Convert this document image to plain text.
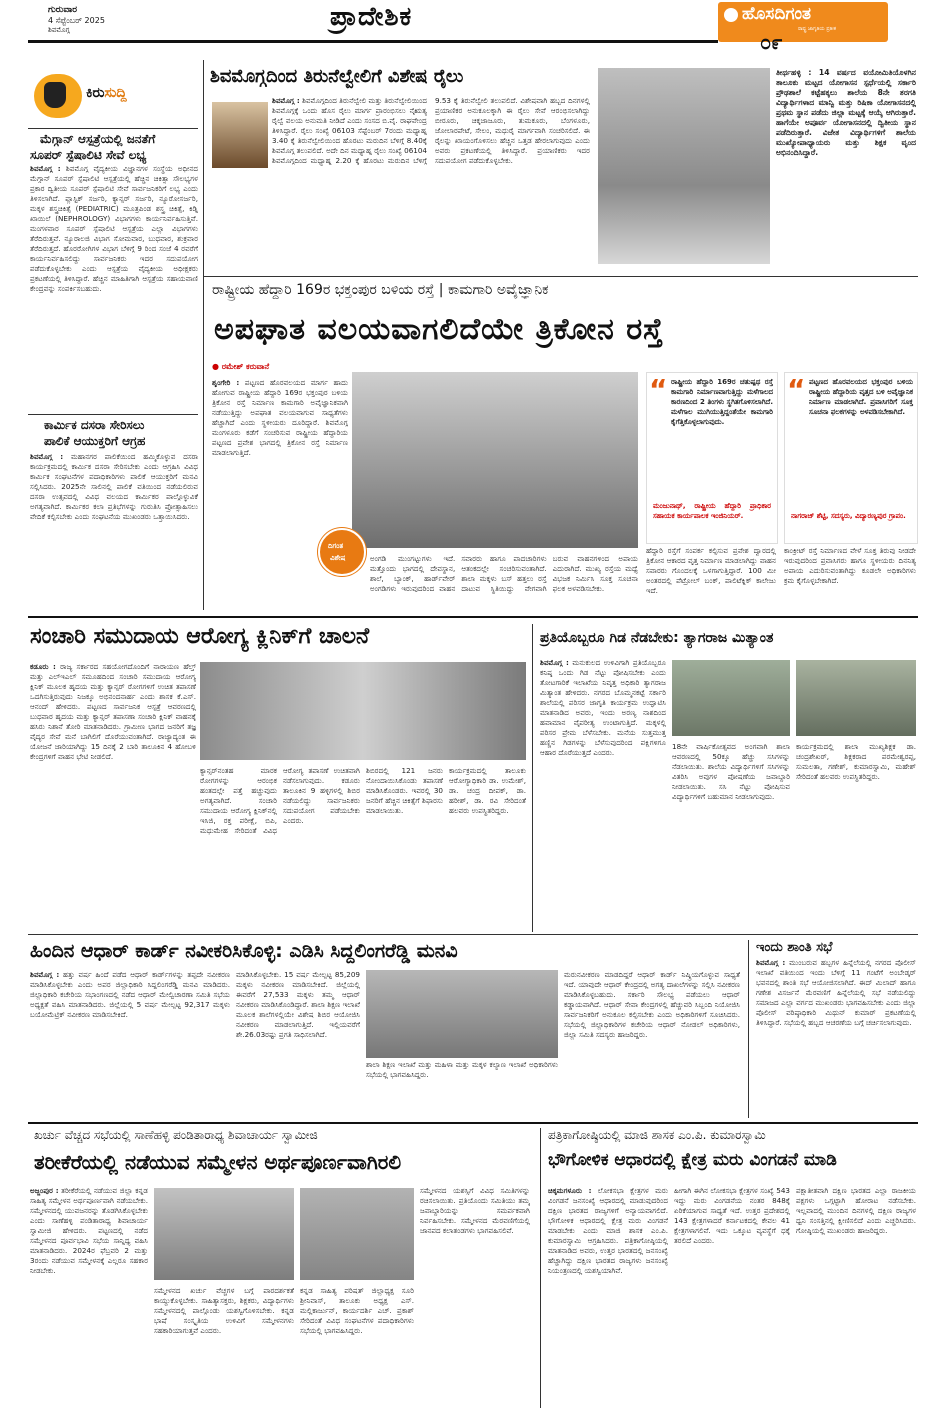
ಗುರುವಾರ
4 ಸೆಪ್ಟೆಂಬರ್ 2025
ಶಿವಮೊಗ್ಗ	ಪ್ರಾದೇಶಿಕ	ಹೊಸದಿಗಂತ
ರಾಷ್ಟ್ರ ಜಾಗೃತಿಯ ಪ್ರತೀಕ
೦೯
ಕಿರುಸುದ್ದಿ
ಮೆಗ್ಗಾನ್ ಆಸ್ಪತ್ರೆಯಲ್ಲಿ ಜನತೆಗೆ
ಸೂಪರ್ ಸ್ಪೆಷಾಲಿಟಿ ಸೇವೆ ಲಭ್ಯ
ಶಿವಮೊಗ್ಗ : ಶಿವಮೊಗ್ಗ ವೈದ್ಯಕೀಯ ವಿಜ್ಞಾನಗಳ ಸಂಸ್ಥೆಯ ಅಧೀನದ ಮೆಗ್ಗಾನ್ ಸೂಪರ್ ಸ್ಪೆಷಾಲಿಟಿ ಆಸ್ಪತ್ರೆಯಲ್ಲಿ ಹೆಚ್ಚಿನ ಚಿಕಿತ್ಸಾ ಸೌಲಭ್ಯಗಳ ಪ್ರಕಾರ ದ್ವಿತೀಯ ಸೂಪರ್ ಸ್ಪೆಷಾಲಿಟಿ ಸೇವೆ ಸಾರ್ವಜನಿಕರಿಗೆ ಲಭ್ಯ ಎಂದು ತಿಳಿಸಲಾಗಿದೆ. ಪ್ಲಾಸ್ಟಿಕ್ ಸರ್ಜರಿ, ಕ್ಯಾನ್ಸರ್ ಸರ್ಜರಿ, ನ್ಯೂರೋಸರ್ಜರಿ, ಮಕ್ಕಳ ಶಸ್ತ್ರಚಿಕಿತ್ಸೆ (PEDIATRIC) ಮೂತ್ರಪಿಂಡ ಶಸ್ತ್ರ ಚಿಕಿತ್ಸೆ, ಕಿಡ್ನಿ ಖಾಯಿಲೆ (NEPHROLOGY) ವಿಭಾಗಗಳು ಕಾರ್ಯನಿರ್ವಹಿಸುತ್ತಿವೆ. ಮಂಗಳವಾರ ಸೂಪರ್ ಸ್ಪೆಷಾಲಿಟಿ ಆಸ್ಪತ್ರೆಯ ಎಲ್ಲಾ ವಿಭಾಗಗಳು ತೆರೆದಿರುತ್ತವೆ. ನ್ಯೂರಾಲಜಿ ವಿಭಾಗ ಸೋಮವಾರ, ಬುಧವಾರ, ಶುಕ್ರವಾರ ತೆರೆದಿರುತ್ತದೆ. ಹೊರರೋಗಿಗಳ ವಿಭಾಗ ಬೆಳಿಗ್ಗೆ 9 ರಿಂದ ಸಂಜೆ 4 ರವರೆಗೆ ಕಾರ್ಯನಿರ್ವಹಿಸಲಿದ್ದು ಸಾರ್ವಜನಿಕರು ಇದರ ಸದುಪಯೋಗ ಪಡೆದುಕೊಳ್ಳಬೇಕು ಎಂದು ಆಸ್ಪತ್ರೆಯ ವೈದ್ಯಕೀಯ ಅಧೀಕ್ಷಕರು ಪ್ರಕಟಣೆಯಲ್ಲಿ ತಿಳಿಸಿದ್ದಾರೆ. ಹೆಚ್ಚಿನ ಮಾಹಿತಿಗಾಗಿ ಆಸ್ಪತ್ರೆಯ ಸಹಾಯವಾಣಿ ಕೇಂದ್ರವನ್ನು ಸಂಪರ್ಕಿಸಬಹುದು.
ಕಾರ್ಮಿಕ ದಸರಾ ಸೇರಿಸಲು
ಪಾಲಿಕೆ ಆಯುಕ್ತರಿಗೆ ಆಗ್ರಹ
ಶಿವಮೊಗ್ಗ : ಮಹಾನಗರ ಪಾಲಿಕೆಯಿಂದ ಹಮ್ಮಿಕೊಳ್ಳುವ ದಸರಾ ಕಾರ್ಯಕ್ರಮದಲ್ಲಿ ಕಾರ್ಮಿಕ ದಸರಾ ಸೇರಿಸಬೇಕು ಎಂದು ಆಗ್ರಹಿಸಿ ವಿವಿಧ ಕಾರ್ಮಿಕ ಸಂಘಟನೆಗಳ ಪದಾಧಿಕಾರಿಗಳು ಪಾಲಿಕೆ ಆಯುಕ್ತರಿಗೆ ಮನವಿ ಸಲ್ಲಿಸಿದರು. 2025ನೇ ಸಾಲಿನಲ್ಲಿ ಪಾಲಿಕೆ ವತಿಯಿಂದ ನಡೆಯಲಿರುವ ದಸರಾ ಉತ್ಸವದಲ್ಲಿ ವಿವಿಧ ವಲಯದ ಕಾರ್ಮಿಕರ ಪಾಲ್ಗೊಳ್ಳುವಿಕೆ ಅಗತ್ಯವಾಗಿದೆ. ಕಾರ್ಮಿಕರ ಕಲಾ ಪ್ರತಿಭೆಗಳನ್ನು ಗುರುತಿಸಿ ಪ್ರೋತ್ಸಾಹಿಸಲು ವೇದಿಕೆ ಕಲ್ಪಿಸಬೇಕು ಎಂದು ಸಂಘಟನೆಯ ಮುಖಂಡರು ಒತ್ತಾಯಿಸಿದರು.
ಶಿವಮೊಗ್ಗದಿಂದ ತಿರುನೆಲ್ವೇಲಿಗೆ ವಿಶೇಷ ರೈಲು
ಶಿವಮೊಗ್ಗ : ಶಿವಮೊಗ್ಗದಿಂದ ತಿರುನೆಲ್ವೇಲಿ ಮತ್ತು ತಿರುನೆಲ್ವೇಲಿಯಿಂದ ಶಿವಮೊಗ್ಗಕ್ಕೆ ಒಂದು ಹೊಸ ರೈಲು ಮಾರ್ಗ ಪ್ರಾರಂಭಿಸಲು ನೈಋತ್ಯ ರೈಲ್ವೆ ವಲಯ ಅನುಮತಿ ನೀಡಿದೆ ಎಂದು ಸಂಸದ ಬಿ.ವೈ. ರಾಘವೇಂದ್ರ ತಿಳಿಸಿದ್ದಾರೆ. ರೈಲು ಸಂಖ್ಯೆ 06103 ಸೆಪ್ಟೆಂಬರ್ 7ರಂದು ಮಧ್ಯಾಹ್ನ 3.40 ಕ್ಕೆ ತಿರುನೆಲ್ವೇಲಿಯಿಂದ ಹೊರಟು ಮರುದಿನ ಬೆಳಿಗ್ಗೆ 8.40ಕ್ಕೆ ಶಿವಮೊಗ್ಗ ತಲುಪಲಿದೆ. ಅದೇ ದಿನ ಮಧ್ಯಾಹ್ನ ರೈಲು ಸಂಖ್ಯೆ 06104 ಶಿವಮೊಗ್ಗದಿಂದ ಮಧ್ಯಾಹ್ನ 2.20 ಕ್ಕೆ ಹೊರಟು ಮರುದಿನ ಬೆಳಿಗ್ಗೆ 9.53 ಕ್ಕೆ ತಿರುನೆಲ್ವೇಲಿ ತಲುಪಲಿದೆ. ವಿಶೇಷವಾಗಿ ಹಬ್ಬದ ದಿನಗಳಲ್ಲಿ ಪ್ರಯಾಣಿಕರ ಅನುಕೂಲಕ್ಕಾಗಿ ಈ ರೈಲು ಸೇವೆ ಆರಂಭಿಸಲಾಗಿದ್ದು ಬೀರೂರು, ಚಿಕ್ಕಜಾಜೂರು, ತುಮಕೂರು, ಬೆಂಗಳೂರು, ಜೋಲಾರಪೇಟೆ, ಸೇಲಂ, ಮಧುರೈ ಮಾರ್ಗವಾಗಿ ಸಂಚರಿಸಲಿದೆ. ಈ ರೈಲನ್ನು ಖಾಯಂಗೊಳಿಸಲು ಹೆಚ್ಚಿನ ಒತ್ತಡ ಹೇರಲಾಗುವುದು ಎಂದು ಅವರು ಪ್ರಕಟಣೆಯಲ್ಲಿ ತಿಳಿಸಿದ್ದಾರೆ. ಪ್ರಯಾಣಿಕರು ಇದರ ಸದುಪಯೋಗ ಪಡೆದುಕೊಳ್ಳಬೇಕು.
ತೀರ್ಥಹಳ್ಳಿ : 14 ವರ್ಷದ ವಯೋಮಿತಿಯೊಳಗಿನ ತಾಲೂಕು ಮಟ್ಟದ ಯೋಗಾಸನ ಸ್ಪರ್ಧೆಯಲ್ಲಿ ಸರ್ಕಾರಿ ಪ್ರೌಢಶಾಲೆ ಕಟ್ಟೆಹಕ್ಕಲು ಶಾಲೆಯ 8ನೇ ತರಗತಿ ವಿದ್ಯಾರ್ಥಿಗಳಾದ ಮಾನ್ವಿ ಮತ್ತು ರಿಷಿಕಾ ಯೋಗಾಸನದಲ್ಲಿ ಪ್ರಥಮ ಸ್ಥಾನ ಪಡೆದು ಜಿಲ್ಲಾ ಮಟ್ಟಕ್ಕೆ ಆಯ್ಕೆ ಆಗಿರುತ್ತಾರೆ. ಹಾಗೆಯೇ ಅಪೂರ್ವ ಯೋಗಾಸನದಲ್ಲಿ ದ್ವಿತೀಯ ಸ್ಥಾನ ಪಡೆದಿರುತ್ತಾರೆ. ವಿಜೇತ ವಿದ್ಯಾರ್ಥಿಗಳಿಗೆ ಶಾಲೆಯ ಮುಖ್ಯೋಪಾಧ್ಯಾಯರು ಮತ್ತು ಶಿಕ್ಷಕ ವೃಂದ ಅಭಿನಂದಿಸಿದ್ದಾರೆ.
ರಾಷ್ಟ್ರೀಯ ಹೆದ್ದಾರಿ 169ರ ಭಕ್ತಂಪುರ ಬಳಿಯ ರಸ್ತೆ | ಕಾಮಗಾರಿ ಅವೈಜ್ಞಾನಿಕ
ಅಪಘಾತ ವಲಯವಾಗಲಿದೆಯೇ ತ್ರಿಕೋನ ರಸ್ತೆ
● ರಮೇಶ್ ಕರುವಾನೆ
ಶೃಂಗೇರಿ : ಪಟ್ಟಣದ ಹೊರವಲಯದ ಮಾರ್ಗ ಹಾದು ಹೋಗುವ ರಾಷ್ಟ್ರೀಯ ಹೆದ್ದಾರಿ 169ರ ಭಕ್ತಂಪುರ ಬಳಿಯ ತ್ರಿಕೋನ ರಸ್ತೆ ನಿರ್ಮಾಣ ಕಾಮಗಾರಿ ಅವೈಜ್ಞಾನಿಕವಾಗಿ ನಡೆಯುತ್ತಿದ್ದು ಅಪಘಾತ ವಲಯವಾಗುವ ಸಾಧ್ಯತೆಗಳು ಹೆಚ್ಚಾಗಿದೆ ಎಂದು ಸ್ಥಳೀಯರು ದೂರಿದ್ದಾರೆ. ಶಿವಮೊಗ್ಗ ಮಂಗಳೂರು ಕಡೆಗೆ ಸಂಚರಿಸುವ ರಾಷ್ಟ್ರೀಯ ಹೆದ್ದಾರಿಯ ಪಟ್ಟಣದ ಪ್ರವೇಶ ಭಾಗದಲ್ಲಿ ತ್ರಿಕೋನ ರಸ್ತೆ ನಿರ್ಮಾಣ ಮಾಡಲಾಗುತ್ತಿದೆ.
ದಿಗಂತ
ವಿಶೇಷ	ಅಂಗಡಿ ಮುಂಗಟ್ಟುಗಳು ಇದೆ. ಮತ್ತೊಂದು ಭಾಗದಲ್ಲಿ ದೇವಸ್ಥಾನ, ಶಾಲೆ, ಬ್ಯಾಂಕ್, ಹಾರ್ಡ್‌ವೇರ್ ಅಂಗಡಿಗಳು ಇರುವುದರಿಂದ ವಾಹನ ಸವಾರರು ಹಾಗೂ ಪಾದಚಾರಿಗಳು ಆತಂಕದಲ್ಲೇ ಸಂಚರಿಸುವಂತಾಗಿದೆ. ಶಾಲಾ ಮಕ್ಕಳು ಬಸ್ ಹತ್ತಲು ರಸ್ತೆ ದಾಟುವ ಸ್ಥಿತಿಯಿದ್ದು ವೇಗವಾಗಿ ಬರುವ ವಾಹನಗಳಿಂದ ಅಪಾಯ ಎದುರಾಗಿದೆ. ಮುಖ್ಯ ರಸ್ತೆಯ ಮಧ್ಯೆ ವಿಭಜಕ ನಿರ್ಮಿಸಿ ಸೂಕ್ತ ಸೂಚನಾ ಫಲಕ ಅಳವಡಿಸಬೇಕು.
“ ರಾಷ್ಟ್ರೀಯ ಹೆದ್ದಾರಿ 169ರ ಚತುಷ್ಪಥ ರಸ್ತೆ ಕಾಮಗಾರಿ ನಿರ್ಮಾಣವಾಗುತ್ತಿದ್ದು ಮಳೆಗಾಲದ ಕಾರಣದಿಂದ 2 ತಿಂಗಳು ಸ್ಥಗಿತಗೊಳಿಸಲಾಗಿದೆ. ಮಳೆಗಾಲ ಮುಗಿಯುತ್ತಿದ್ದಂತೆಯೇ ಕಾಮಗಾರಿ ಕೈಗೆತ್ತಿಕೊಳ್ಳಲಾಗುವುದು.
ಮಂಜುನಾಥ್, ರಾಷ್ಟ್ರೀಯ ಹೆದ್ದಾರಿ ಪ್ರಾಧಿಕಾರ ಸಹಾಯಕ ಕಾರ್ಯಪಾಲಕ ಇಂಜಿನಿಯರ್.
“ ಪಟ್ಟಣದ ಹೊರವಲಯದ ಭಕ್ತಂಪುರ ಬಳಿಯ ರಾಷ್ಟ್ರೀಯ ಹೆದ್ದಾರಿಯ ವೃತ್ತದ ಬಳಿ ಅವೈಜ್ಞಾನಿಕ ನಿರ್ಮಾಣ ಮಾಡಲಾಗಿದೆ. ಪ್ರವಾಸಿಗರಿಗೆ ಸೂಕ್ತ ಸೂಚನಾ ಫಲಕಗಳನ್ನು ಅಳವಡಿಸಬೇಕಾಗಿದೆ.
ನಾಗರಾಜ್ ಶೆಟ್ಟಿ, ಸದಸ್ಯರು, ವಿದ್ಯಾರಣ್ಯಪುರ ಗ್ರಾಪಂ.
ಹೆದ್ದಾರಿ ರಸ್ತೆಗೆ ಸಂಪರ್ಕ ಕಲ್ಪಿಸುವ ಪ್ರವೇಶ ದ್ವಾರದಲ್ಲಿ ತ್ರಿಕೋನ ಆಕಾರದ ವೃತ್ತ ನಿರ್ಮಾಣ ಮಾಡಲಾಗಿದ್ದು ವಾಹನ ಸವಾರರು ಗೊಂದಲಕ್ಕೆ ಒಳಗಾಗುತ್ತಿದ್ದಾರೆ. 100 ಮೀ ಅಂತರದಲ್ಲಿ ಪೆಟ್ರೋಲ್ ಬಂಕ್, ಪಾಲಿಟೆಕ್ನಿಕ್ ಕಾಲೇಜು ಇದೆ.
ಕಾಂಕ್ರೀಟ್ ರಸ್ತೆ ನಿರ್ಮಾಣದ ವೇಳೆ ಸೂಕ್ತ ತಿರುವು ನೀಡದೇ ಇರುವುದರಿಂದ ಪ್ರವಾಸಿಗರು ಹಾಗೂ ಸ್ಥಳೀಯರು ದಿನನಿತ್ಯ ಅಪಾಯ ಎದುರಿಸುವಂತಾಗಿದ್ದು ಕೂಡಲೇ ಅಧಿಕಾರಿಗಳು ಕ್ರಮ ಕೈಗೊಳ್ಳಬೇಕಾಗಿದೆ.
ಸಂಚಾರಿ ಸಮುದಾಯ ಆರೋಗ್ಯ ಕ್ಲಿನಿಕ್‌ಗೆ ಚಾಲನೆ
ಕಡೂರು : ರಾಜ್ಯ ಸರ್ಕಾರದ ಸಹಯೋಗದೊಂದಿಗೆ ನಾರಾಯಣ ಹೆಲ್ತ್ ಮತ್ತು ಎಲ್‌ಇಎಲ್ ಸಮೂಹದಿಂದ ಸಂಚಾರಿ ಸಮುದಾಯ ಆರೋಗ್ಯ ಕ್ಲಿನಿಕ್ ಮೂಲಕ ಹೃದಯ ಮತ್ತು ಕ್ಯಾನ್ಸರ್ ರೋಗಗಳಿಗೆ ಉಚಿತ ತಪಾಸಣೆ ಒದಗಿಸುತ್ತಿರುವುದು ನಿಜಕ್ಕೂ ಅಭಿನಂದನಾರ್ಹ ಎಂದು ಶಾಸಕ ಕೆ.ಎಸ್. ಆನಂದ್ ಹೇಳಿದರು. ಪಟ್ಟಣದ ಸಾರ್ವಜನಿಕ ಆಸ್ಪತ್ರೆ ಆವರಣದಲ್ಲಿ ಬುಧವಾರ ಹೃದಯ ಮತ್ತು ಕ್ಯಾನ್ಸರ್ ತಪಾಸಣಾ ಸಂಚಾರಿ ಕ್ಲಿನಿಕ್ ವಾಹನಕ್ಕೆ ಹಸಿರು ನಿಶಾನೆ ತೋರಿ ಮಾತನಾಡಿದರು. ಗ್ರಾಮೀಣ ಭಾಗದ ಜನರಿಗೆ ತಜ್ಞ ವೈದ್ಯರ ಸೇವೆ ಮನೆ ಬಾಗಿಲಿಗೆ ದೊರೆಯುವಂತಾಗಿದೆ. ರಾಜ್ಯಾದ್ಯಂತ ಈ ಯೋಜನೆ ಜಾರಿಯಾಗಿದ್ದು 15 ದಿನಕ್ಕೆ 2 ಬಾರಿ ತಾಲೂಕಿನ 4 ಹೋಬಳಿ ಕೇಂದ್ರಗಳಿಗೆ ವಾಹನ ಭೇಟಿ ನೀಡಲಿದೆ.
ಕ್ಯಾನ್ಸರ್‌ನಂತಹ ಮಾರಕ ರೋಗಗಳನ್ನು ಆರಂಭಿಕ ಹಂತದಲ್ಲೇ ಪತ್ತೆ ಹಚ್ಚುವುದು ಅಗತ್ಯವಾಗಿದೆ. ಸಂಚಾರಿ ಸಮುದಾಯ ಆರೋಗ್ಯ ಕ್ಲಿನಿಕ್‌ನಲ್ಲಿ ಇಸಿಜಿ, ರಕ್ತ ಪರೀಕ್ಷೆ, ಬಿಪಿ, ಮಧುಮೇಹ ಸೇರಿದಂತೆ ವಿವಿಧ ಆರೋಗ್ಯ ತಪಾಸಣೆ ಉಚಿತವಾಗಿ ನಡೆಸಲಾಗುವುದು. ಕಡೂರು ತಾಲೂಕಿನ 9 ಹಳ್ಳಿಗಳಲ್ಲಿ ಶಿಬಿರ ನಡೆಯಲಿದ್ದು ಸಾರ್ವಜನಿಕರು ಸದುಪಯೋಗ ಪಡೆಯಬೇಕು ಎಂದರು.
ಶಿಬಿರದಲ್ಲಿ 121 ಜನರು ನೋಂದಾಯಿಸಿಕೊಂಡು ತಪಾಸಣೆ ಮಾಡಿಸಿಕೊಂಡರು. ಇವರಲ್ಲಿ 30 ಜನರಿಗೆ ಹೆಚ್ಚಿನ ಚಿಕಿತ್ಸೆಗೆ ಶಿಫಾರಸು ಮಾಡಲಾಯಿತು. ಕಾರ್ಯಕ್ರಮದಲ್ಲಿ ತಾಲೂಕು ಆರೋಗ್ಯಾಧಿಕಾರಿ ಡಾ. ಉಮೇಶ್, ಡಾ. ಚಂದ್ರ ದೀಪಕ್, ಡಾ. ಹರೀಶ್, ಡಾ. ರವಿ ಸೇರಿದಂತೆ ಹಲವರು ಉಪಸ್ಥಿತರಿದ್ದರು.
ಪ್ರತಿಯೊಬ್ಬರೂ ಗಿಡ ನೆಡಬೇಕು: ತ್ಯಾಗರಾಜ ಮಿತ್ಯಾಂತ
ಶಿವಮೊಗ್ಗ : ಮನುಕುಲದ ಉಳಿವಿಗಾಗಿ ಪ್ರತಿಯೊಬ್ಬರೂ ಕನಿಷ್ಠ ಒಂದು ಗಿಡ ನೆಟ್ಟು ಪೋಷಿಸಬೇಕು ಎಂದು ತೋಟಗಾರಿಕೆ ಇಲಾಖೆಯ ನಿವೃತ್ತ ಅಧಿಕಾರಿ ತ್ಯಾಗರಾಜ ಮಿತ್ಯಾಂತ ಹೇಳಿದರು. ನಗರದ ಬೊಮ್ಮನಕಟ್ಟೆ ಸರ್ಕಾರಿ ಶಾಲೆಯಲ್ಲಿ ಪರಿಸರ ಜಾಗೃತಿ ಕಾರ್ಯಕ್ರಮ ಉದ್ಘಾಟಿಸಿ ಮಾತನಾಡಿದ ಅವರು, ಇಂದು ಅರಣ್ಯ ನಾಶದಿಂದ ಹವಾಮಾನ ವೈಪರೀತ್ಯ ಉಂಟಾಗುತ್ತಿದೆ. ಮಕ್ಕಳಲ್ಲಿ ಪರಿಸರ ಪ್ರೇಮ ಬೆಳೆಸಬೇಕು. ಮನೆಯ ಸುತ್ತಮುತ್ತ ಹಣ್ಣಿನ ಗಿಡಗಳನ್ನು ಬೆಳೆಸುವುದರಿಂದ ಪಕ್ಷಿಗಳಿಗೂ ಆಹಾರ ದೊರೆಯುತ್ತದೆ ಎಂದರು.
18ನೇ ವಾರ್ಷಿಕೋತ್ಸವದ ಅಂಗವಾಗಿ ಶಾಲಾ ಆವರಣದಲ್ಲಿ 50ಕ್ಕೂ ಹೆಚ್ಚು ಸಸಿಗಳನ್ನು ನೆಡಲಾಯಿತು. ಶಾಲೆಯ ವಿದ್ಯಾರ್ಥಿಗಳಿಗೆ ಸಸಿಗಳನ್ನು ವಿತರಿಸಿ ಅವುಗಳ ಪೋಷಣೆಯ ಜವಾಬ್ದಾರಿ ನೀಡಲಾಯಿತು. ಸಸಿ ನೆಟ್ಟು ಪೋಷಿಸುವ ವಿದ್ಯಾರ್ಥಿಗಳಿಗೆ ಬಹುಮಾನ ನೀಡಲಾಗುವುದು.
ಕಾರ್ಯಕ್ರಮದಲ್ಲಿ ಶಾಲಾ ಮುಖ್ಯಶಿಕ್ಷಕ ಡಾ. ಚಂದ್ರಶೇಖರ್, ಶಿಕ್ಷಕರಾದ ಪರಮೇಶ್ವರಪ್ಪ, ಸುಮಲತಾ, ಗಣೇಶ್, ಕುಮಾರಸ್ವಾಮಿ, ಮಹೇಶ್ ಸೇರಿದಂತೆ ಹಲವರು ಉಪಸ್ಥಿತರಿದ್ದರು.
ಹಿಂದಿನ ಆಧಾರ್ ಕಾರ್ಡ್ ನವೀಕರಿಸಿಕೊಳ್ಳಿ: ಎಡಿಸಿ ಸಿದ್ದಲಿಂಗರೆಡ್ಡಿ ಮನವಿ
ಶಿವಮೊಗ್ಗ : ಹತ್ತು ವರ್ಷ ಹಿಂದೆ ಪಡೆದ ಆಧಾರ್ ಕಾರ್ಡ್‌ಗಳನ್ನು ತಪ್ಪದೇ ನವೀಕರಣ ಮಾಡಿಸಿಕೊಳ್ಳಬೇಕು ಎಂದು ಅಪರ ಜಿಲ್ಲಾಧಿಕಾರಿ ಸಿದ್ದಲಿಂಗರೆಡ್ಡಿ ಮನವಿ ಮಾಡಿದರು. ಜಿಲ್ಲಾಧಿಕಾರಿ ಕಚೇರಿಯ ಸಭಾಂಗಣದಲ್ಲಿ ನಡೆದ ಆಧಾರ್ ಮೇಲ್ವಿಚಾರಣಾ ಸಮಿತಿ ಸಭೆಯ ಅಧ್ಯಕ್ಷತೆ ವಹಿಸಿ ಮಾತನಾಡಿದರು. ಜಿಲ್ಲೆಯಲ್ಲಿ 5 ವರ್ಷ ಮೇಲ್ಪಟ್ಟ 92,317 ಮಕ್ಕಳು ಬಯೋಮೆಟ್ರಿಕ್ ನವೀಕರಣ ಮಾಡಿಸಬೇಕಿದೆ.
ಮಾಡಿಸಿಕೊಳ್ಳಬೇಕು. 15 ವರ್ಷ ಮೇಲ್ಪಟ್ಟ 85,209 ಮಕ್ಕಳು ನವೀಕರಣ ಮಾಡಿಸಬೇಕಿದೆ. ಜಿಲ್ಲೆಯಲ್ಲಿ ಈವರೆಗೆ 27,533 ಮಕ್ಕಳು ತಮ್ಮ ಆಧಾರ್ ನವೀಕರಣ ಮಾಡಿಸಿಕೊಂಡಿದ್ದಾರೆ. ಶಾಲಾ ಶಿಕ್ಷಣ ಇಲಾಖೆ ಮೂಲಕ ಶಾಲೆಗಳಲ್ಲಿಯೇ ವಿಶೇಷ ಶಿಬಿರ ಆಯೋಜಿಸಿ ನವೀಕರಣ ಮಾಡಲಾಗುತ್ತಿದೆ. ಇಲ್ಲಿಯವರೆಗೆ ಶೇ.26.03ರಷ್ಟು ಪ್ರಗತಿ ಸಾಧಿಸಲಾಗಿದೆ.
ಶಾಲಾ ಶಿಕ್ಷಣ ಇಲಾಖೆ ಮತ್ತು ಮಹಿಳಾ ಮತ್ತು ಮಕ್ಕಳ ಕಲ್ಯಾಣ ಇಲಾಖೆ ಅಧಿಕಾರಿಗಳು ಸಭೆಯಲ್ಲಿ ಭಾಗವಹಿಸಿದ್ದರು.
ಮರುನವೀಕರಣ ಮಾಡದಿದ್ದರೆ ಆಧಾರ್ ಕಾರ್ಡ್ ನಿಷ್ಕ್ರಿಯಗೊಳ್ಳುವ ಸಾಧ್ಯತೆ ಇದೆ. ಯಾವುದೇ ಆಧಾರ್ ಕೇಂದ್ರದಲ್ಲಿ ಅಗತ್ಯ ದಾಖಲೆಗಳನ್ನು ಸಲ್ಲಿಸಿ ನವೀಕರಣ ಮಾಡಿಸಿಕೊಳ್ಳಬಹುದು. ಸರ್ಕಾರಿ ಸೌಲಭ್ಯ ಪಡೆಯಲು ಆಧಾರ್ ಕಡ್ಡಾಯವಾಗಿದೆ. ಆಧಾರ್ ಸೇವಾ ಕೇಂದ್ರಗಳಲ್ಲಿ ಹೆಚ್ಚುವರಿ ಸಿಬ್ಬಂದಿ ನಿಯೋಜಿಸಿ ಸಾರ್ವಜನಿಕರಿಗೆ ಅನುಕೂಲ ಕಲ್ಪಿಸಬೇಕು ಎಂದು ಅಧಿಕಾರಿಗಳಿಗೆ ಸೂಚಿಸಿದರು. ಸಭೆಯಲ್ಲಿ ಜಿಲ್ಲಾಧಿಕಾರಿಗಳ ಕಚೇರಿಯ ಆಧಾರ್ ನೋಡಲ್ ಅಧಿಕಾರಿಗಳು, ಜಿಲ್ಲಾ ಸಮಿತಿ ಸದಸ್ಯರು ಹಾಜರಿದ್ದರು.
ಇಂದು ಶಾಂತಿ ಸಭೆ
ಶಿವಮೊಗ್ಗ : ಮುಂಬರುವ ಹಬ್ಬಗಳ ಹಿನ್ನೆಲೆಯಲ್ಲಿ ನಗರದ ಪೊಲೀಸ್ ಇಲಾಖೆ ವತಿಯಿಂದ ಇಂದು ಬೆಳಿಗ್ಗೆ 11 ಗಂಟೆಗೆ ಅಂಬೇಡ್ಕರ್ ಭವನದಲ್ಲಿ ಶಾಂತಿ ಸಭೆ ಆಯೋಜಿಸಲಾಗಿದೆ. ಈದ್ ಮಿಲಾದ್ ಹಾಗೂ ಗಣೇಶ ವಿಸರ್ಜನೆ ಮೆರವಣಿಗೆ ಹಿನ್ನೆಲೆಯಲ್ಲಿ ಸಭೆ ನಡೆಯಲಿದ್ದು ಸಮಾಜದ ಎಲ್ಲಾ ವರ್ಗದ ಮುಖಂಡರು ಭಾಗವಹಿಸಬೇಕು ಎಂದು ಜಿಲ್ಲಾ ಪೊಲೀಸ್ ವರಿಷ್ಠಾಧಿಕಾರಿ ಮಿಥುನ್ ಕುಮಾರ್ ಪ್ರಕಟಣೆಯಲ್ಲಿ ತಿಳಿಸಿದ್ದಾರೆ. ಸಭೆಯಲ್ಲಿ ಹಬ್ಬದ ಆಚರಣೆಯ ಬಗ್ಗೆ ಚರ್ಚಿಸಲಾಗುವುದು.
ಖರ್ಚು ವೆಚ್ಚದ ಸಭೆಯಲ್ಲಿ ಸಾಣೆಹಳ್ಳಿ ಪಂಡಿತಾರಾಧ್ಯ ಶಿವಾಚಾರ್ಯ ಸ್ವಾಮೀಜಿ
ತರೀಕೆರೆಯಲ್ಲಿ ನಡೆಯುವ ಸಮ್ಮೇಳನ ಅರ್ಥಪೂರ್ಣವಾಗಿರಲಿ
ಅಜ್ಜಂಪುರ : ತರೀಕೆರೆಯಲ್ಲಿ ನಡೆಯುವ ಜಿಲ್ಲಾ ಕನ್ನಡ ಸಾಹಿತ್ಯ ಸಮ್ಮೇಳನ ಅರ್ಥಪೂರ್ಣವಾಗಿ ನಡೆಯಬೇಕು. ಸಮ್ಮೇಳನದಲ್ಲಿ ಯುವಜನರನ್ನು ತೊಡಗಿಸಿಕೊಳ್ಳಬೇಕು ಎಂದು ಸಾಣೆಹಳ್ಳಿ ಪಂಡಿತಾರಾಧ್ಯ ಶಿವಾಚಾರ್ಯ ಸ್ವಾಮೀಜಿ ಹೇಳಿದರು. ಪಟ್ಟಣದಲ್ಲಿ ನಡೆದ ಸಮ್ಮೇಳನದ ಪೂರ್ವಭಾವಿ ಸಭೆಯ ಸಾನ್ನಿಧ್ಯ ವಹಿಸಿ ಮಾತನಾಡಿದರು. 2024ರ ಫೆಬ್ರವರಿ 2 ಮತ್ತು 3ರಂದು ನಡೆಯುವ ಸಮ್ಮೇಳನಕ್ಕೆ ಎಲ್ಲರೂ ಸಹಕಾರ ನೀಡಬೇಕು.
ಸಮ್ಮೇಳನದ ಖರ್ಚು ವೆಚ್ಚಗಳ ಬಗ್ಗೆ ಪಾರದರ್ಶಕತೆ ಕಾಯ್ದುಕೊಳ್ಳಬೇಕು. ಸಾಹಿತ್ಯಾಸಕ್ತರು, ಶಿಕ್ಷಕರು, ವಿದ್ಯಾರ್ಥಿಗಳು ಸಮ್ಮೇಳನದಲ್ಲಿ ಪಾಲ್ಗೊಂಡು ಯಶಸ್ವಿಗೊಳಿಸಬೇಕು. ಕನ್ನಡ ಭಾಷೆ ಸಂಸ್ಕೃತಿಯ ಉಳಿವಿಗೆ ಸಮ್ಮೇಳನಗಳು ಸಹಕಾರಿಯಾಗುತ್ತವೆ ಎಂದರು.
ಕನ್ನಡ ಸಾಹಿತ್ಯ ಪರಿಷತ್ ಜಿಲ್ಲಾಧ್ಯಕ್ಷ ಸೂರಿ ಶ್ರೀನಿವಾಸ್, ತಾಲೂಕು ಅಧ್ಯಕ್ಷ ಎಸ್. ಮಲ್ಲಿಕಾರ್ಜುನ್, ಕಾರ್ಯದರ್ಶಿ ಎಚ್. ಪ್ರಕಾಶ್ ಸೇರಿದಂತೆ ವಿವಿಧ ಸಂಘಟನೆಗಳ ಪದಾಧಿಕಾರಿಗಳು ಸಭೆಯಲ್ಲಿ ಭಾಗವಹಿಸಿದ್ದರು.
ಸಮ್ಮೇಳನದ ಯಶಸ್ಸಿಗೆ ವಿವಿಧ ಸಮಿತಿಗಳನ್ನು ರಚಿಸಲಾಯಿತು. ಪ್ರತಿಯೊಂದು ಸಮಿತಿಯು ತಮ್ಮ ಜವಾಬ್ದಾರಿಯನ್ನು ಸಮರ್ಪಕವಾಗಿ ನಿರ್ವಹಿಸಬೇಕು. ಸಮ್ಮೇಳನದ ಮೆರವಣಿಗೆಯಲ್ಲಿ ಜಾನಪದ ಕಲಾತಂಡಗಳು ಭಾಗವಹಿಸಲಿವೆ.
ಪತ್ರಿಕಾಗೋಷ್ಠಿಯಲ್ಲಿ ಮಾಜಿ ಶಾಸಕ ಎಂ.ಪಿ. ಕುಮಾರಸ್ವಾಮಿ
ಭೌಗೋಳಿಕ ಆಧಾರದಲ್ಲಿ ಕ್ಷೇತ್ರ ಮರು ವಿಂಗಡನೆ ಮಾಡಿ
ಚಿಕ್ಕಮಗಳೂರು : ಲೋಕಸಭಾ ಕ್ಷೇತ್ರಗಳ ಮರು ವಿಂಗಡನೆ ಜನಸಂಖ್ಯೆ ಆಧಾರದಲ್ಲಿ ಮಾಡುವುದರಿಂದ ದಕ್ಷಿಣ ಭಾರತದ ರಾಜ್ಯಗಳಿಗೆ ಅನ್ಯಾಯವಾಗಲಿದೆ. ಭೌಗೋಳಿಕ ಆಧಾರದಲ್ಲಿ ಕ್ಷೇತ್ರ ಮರು ವಿಂಗಡನೆ ಮಾಡಬೇಕು ಎಂದು ಮಾಜಿ ಶಾಸಕ ಎಂ.ಪಿ. ಕುಮಾರಸ್ವಾಮಿ ಆಗ್ರಹಿಸಿದರು. ಪತ್ರಿಕಾಗೋಷ್ಠಿಯಲ್ಲಿ ಮಾತನಾಡಿದ ಅವರು, ಉತ್ತರ ಭಾರತದಲ್ಲಿ ಜನಸಂಖ್ಯೆ ಹೆಚ್ಚಾಗಿದ್ದು ದಕ್ಷಿಣ ಭಾರತದ ರಾಜ್ಯಗಳು ಜನಸಂಖ್ಯೆ ನಿಯಂತ್ರಣದಲ್ಲಿ ಯಶಸ್ವಿಯಾಗಿವೆ.
ಹೀಗಾಗಿ ಈಗಿನ ಲೋಕಸಭಾ ಕ್ಷೇತ್ರಗಳ ಸಂಖ್ಯೆ 543 ಇದ್ದು ಮರು ವಿಂಗಡನೆಯ ನಂತರ 848ಕ್ಕೆ ಏರಿಕೆಯಾಗುವ ಸಾಧ್ಯತೆ ಇದೆ. ಉತ್ತರ ಪ್ರದೇಶದಲ್ಲಿ 143 ಕ್ಷೇತ್ರಗಳಾದರೆ ಕರ್ನಾಟಕದಲ್ಲಿ ಕೇವಲ 41 ಕ್ಷೇತ್ರಗಳಾಗಲಿವೆ. ಇದು ಒಕ್ಕೂಟ ವ್ಯವಸ್ಥೆಗೆ ಧಕ್ಕೆ ತರಲಿದೆ ಎಂದರು.
ಪಕ್ಷಾತೀತವಾಗಿ ದಕ್ಷಿಣ ಭಾರತದ ಎಲ್ಲಾ ರಾಜಕೀಯ ಪಕ್ಷಗಳು ಒಗ್ಗಟ್ಟಾಗಿ ಹೋರಾಟ ನಡೆಸಬೇಕು. ಇಲ್ಲವಾದಲ್ಲಿ ಮುಂದಿನ ದಿನಗಳಲ್ಲಿ ದಕ್ಷಿಣ ರಾಜ್ಯಗಳ ಧ್ವನಿ ಸಂಸತ್ತಿನಲ್ಲಿ ಕ್ಷೀಣಿಸಲಿದೆ ಎಂದು ಎಚ್ಚರಿಸಿದರು. ಗೋಷ್ಠಿಯಲ್ಲಿ ಮುಖಂಡರು ಹಾಜರಿದ್ದರು.
